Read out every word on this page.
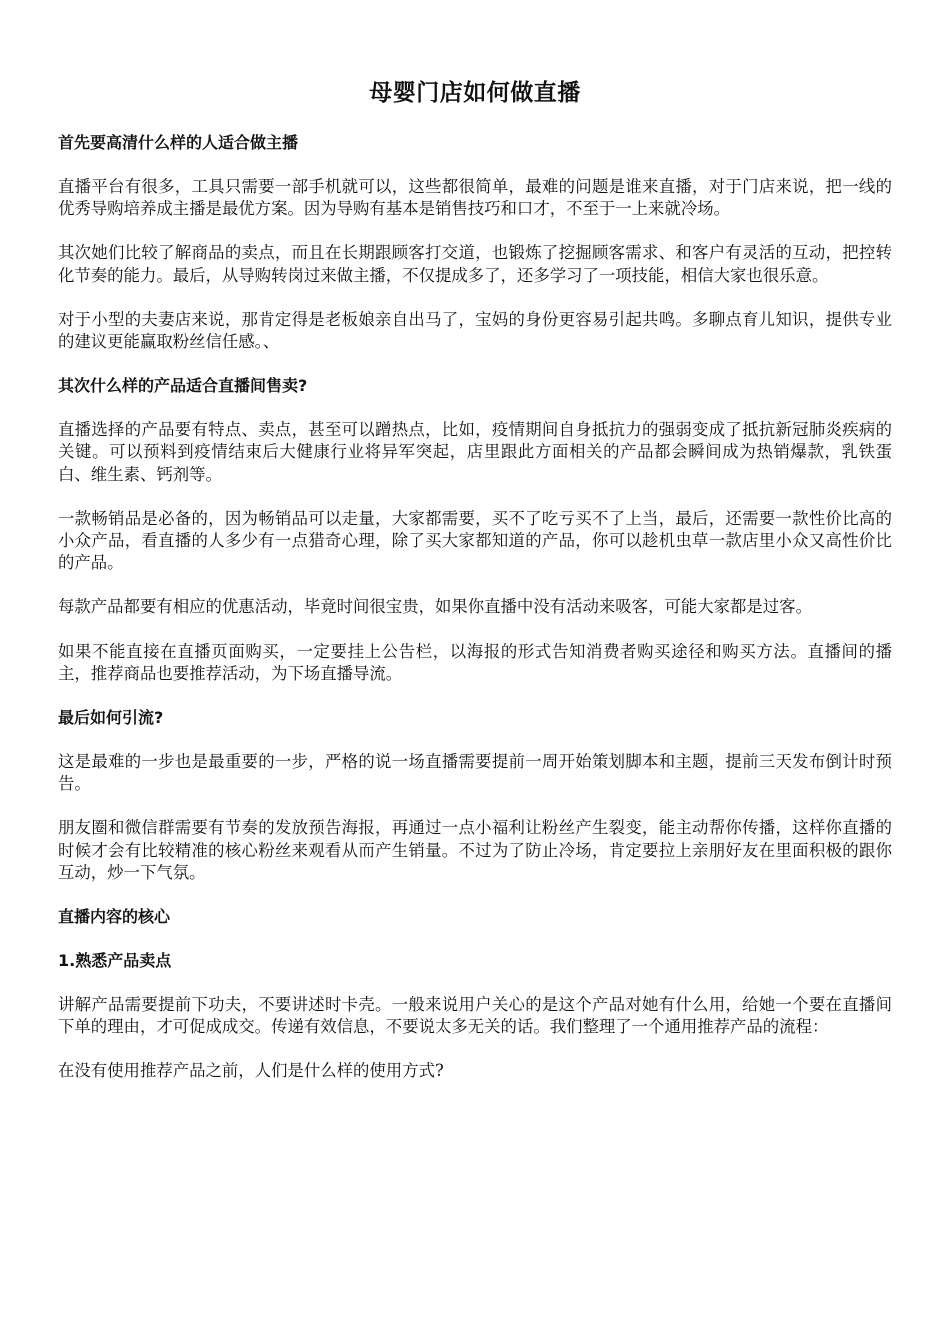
母婴门店如何做直播
首先要高清什么样的人适合做主播

直播平台有很多，工具只需要一部手机就可以，这些都很简单，最难的问题是谁来直播，对于门店来说，把一线的优秀导购培养成主播是最优方案。因为导购有基本是销售技巧和口才，不至于一上来就冷场。

其次她们比较了解商品的卖点，而且在长期跟顾客打交道，也锻炼了挖掘顾客需求、和客户有灵活的互动，把控转化节奏的能力。最后，从导购转岗过来做主播，不仅提成多了，还多学习了一项技能，相信大家也很乐意。

对于小型的夫妻店来说，那肯定得是老板娘亲自出马了，宝妈的身份更容易引起共鸣。多聊点育儿知识，提供专业的建议更能赢取粉丝信任感。、

其次什么样的产品适合直播间售卖?

直播选择的产品要有特点、卖点，甚至可以蹭热点，比如，疫情期间自身抵抗力的强弱变成了抵抗新冠肺炎疾病的关键。可以预料到疫情结束后大健康行业将异军突起，店里跟此方面相关的产品都会瞬间成为热销爆款，乳铁蛋白、维生素、钙剂等。

一款畅销品是必备的，因为畅销品可以走量，大家都需要，买不了吃亏买不了上当，最后，还需要一款性价比高的小众产品，看直播的人多少有一点猎奇心理，除了买大家都知道的产品，你可以趁机虫草一款店里小众又高性价比的产品。

每款产品都要有相应的优惠活动，毕竟时间很宝贵，如果你直播中没有活动来吸客，可能大家都是过客。

如果不能直接在直播页面购买，一定要挂上公告栏，以海报的形式告知消费者购买途径和购买方法。直播间的播主，推荐商品也要推荐活动，为下场直播导流。

最后如何引流?

这是最难的一步也是最重要的一步，严格的说一场直播需要提前一周开始策划脚本和主题，提前三天发布倒计时预告。

朋友圈和微信群需要有节奏的发放预告海报，再通过一点小福利让粉丝产生裂变，能主动帮你传播，这样你直播的时候才会有比较精准的核心粉丝来观看从而产生销量。不过为了防止冷场，肯定要拉上亲朋好友在里面积极的跟你互动，炒一下气氛。

直播内容的核心
1.熟悉产品卖点

讲解产品需要提前下功夫，不要讲述时卡壳。一般来说用户关心的是这个产品对她有什么用，给她一个要在直播间下单的理由，才可促成成交。传递有效信息，不要说太多无关的话。我们整理了一个通用推荐产品的流程：

在没有使用推荐产品之前，人们是什么样的使用方式?
